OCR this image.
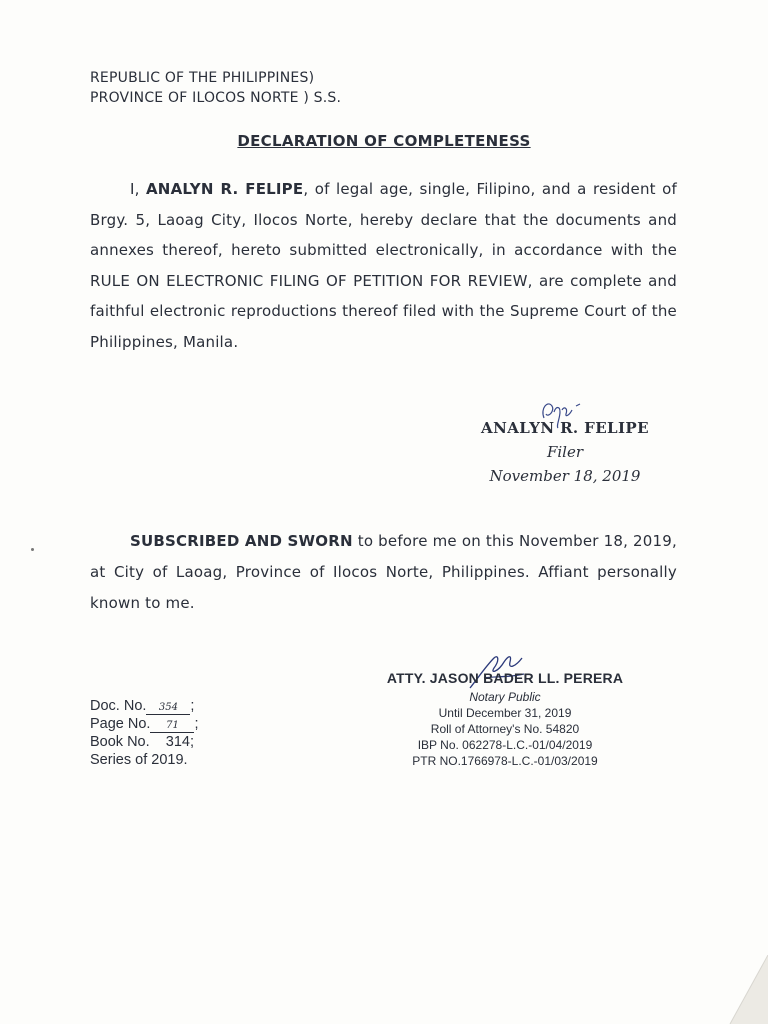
REPUBLIC OF THE PHILIPPINES)
PROVINCE OF ILOCOS NORTE ) S.S.
DECLARATION OF COMPLETENESS
I, ANALYN R. FELIPE, of legal age, single, Filipino, and a resident of Brgy. 5, Laoag City, Ilocos Norte, hereby declare that the documents and annexes thereof, hereto submitted electronically, in accordance with the RULE ON ELECTRONIC FILING OF PETITION FOR REVIEW, are complete and faithful electronic reproductions thereof filed with the Supreme Court of the Philippines, Manila.
ANALYN R. FELIPE
Filer
November 18, 2019
SUBSCRIBED AND SWORN to before me on this November 18, 2019, at City of Laoag, Province of Ilocos Norte, Philippines. Affiant personally known to me.
ATTY. JASON BADER LL. PERERA
Notary Public
Until December 31, 2019
Roll of Attorney's No. 54820
IBP No. 062278-L.C.-01/04/2019
PTR NO.1766978-L.C.-01/03/2019
Doc. No. 354 ;
Page No. 71 ;
Book No. 314;
Series of 2019.
